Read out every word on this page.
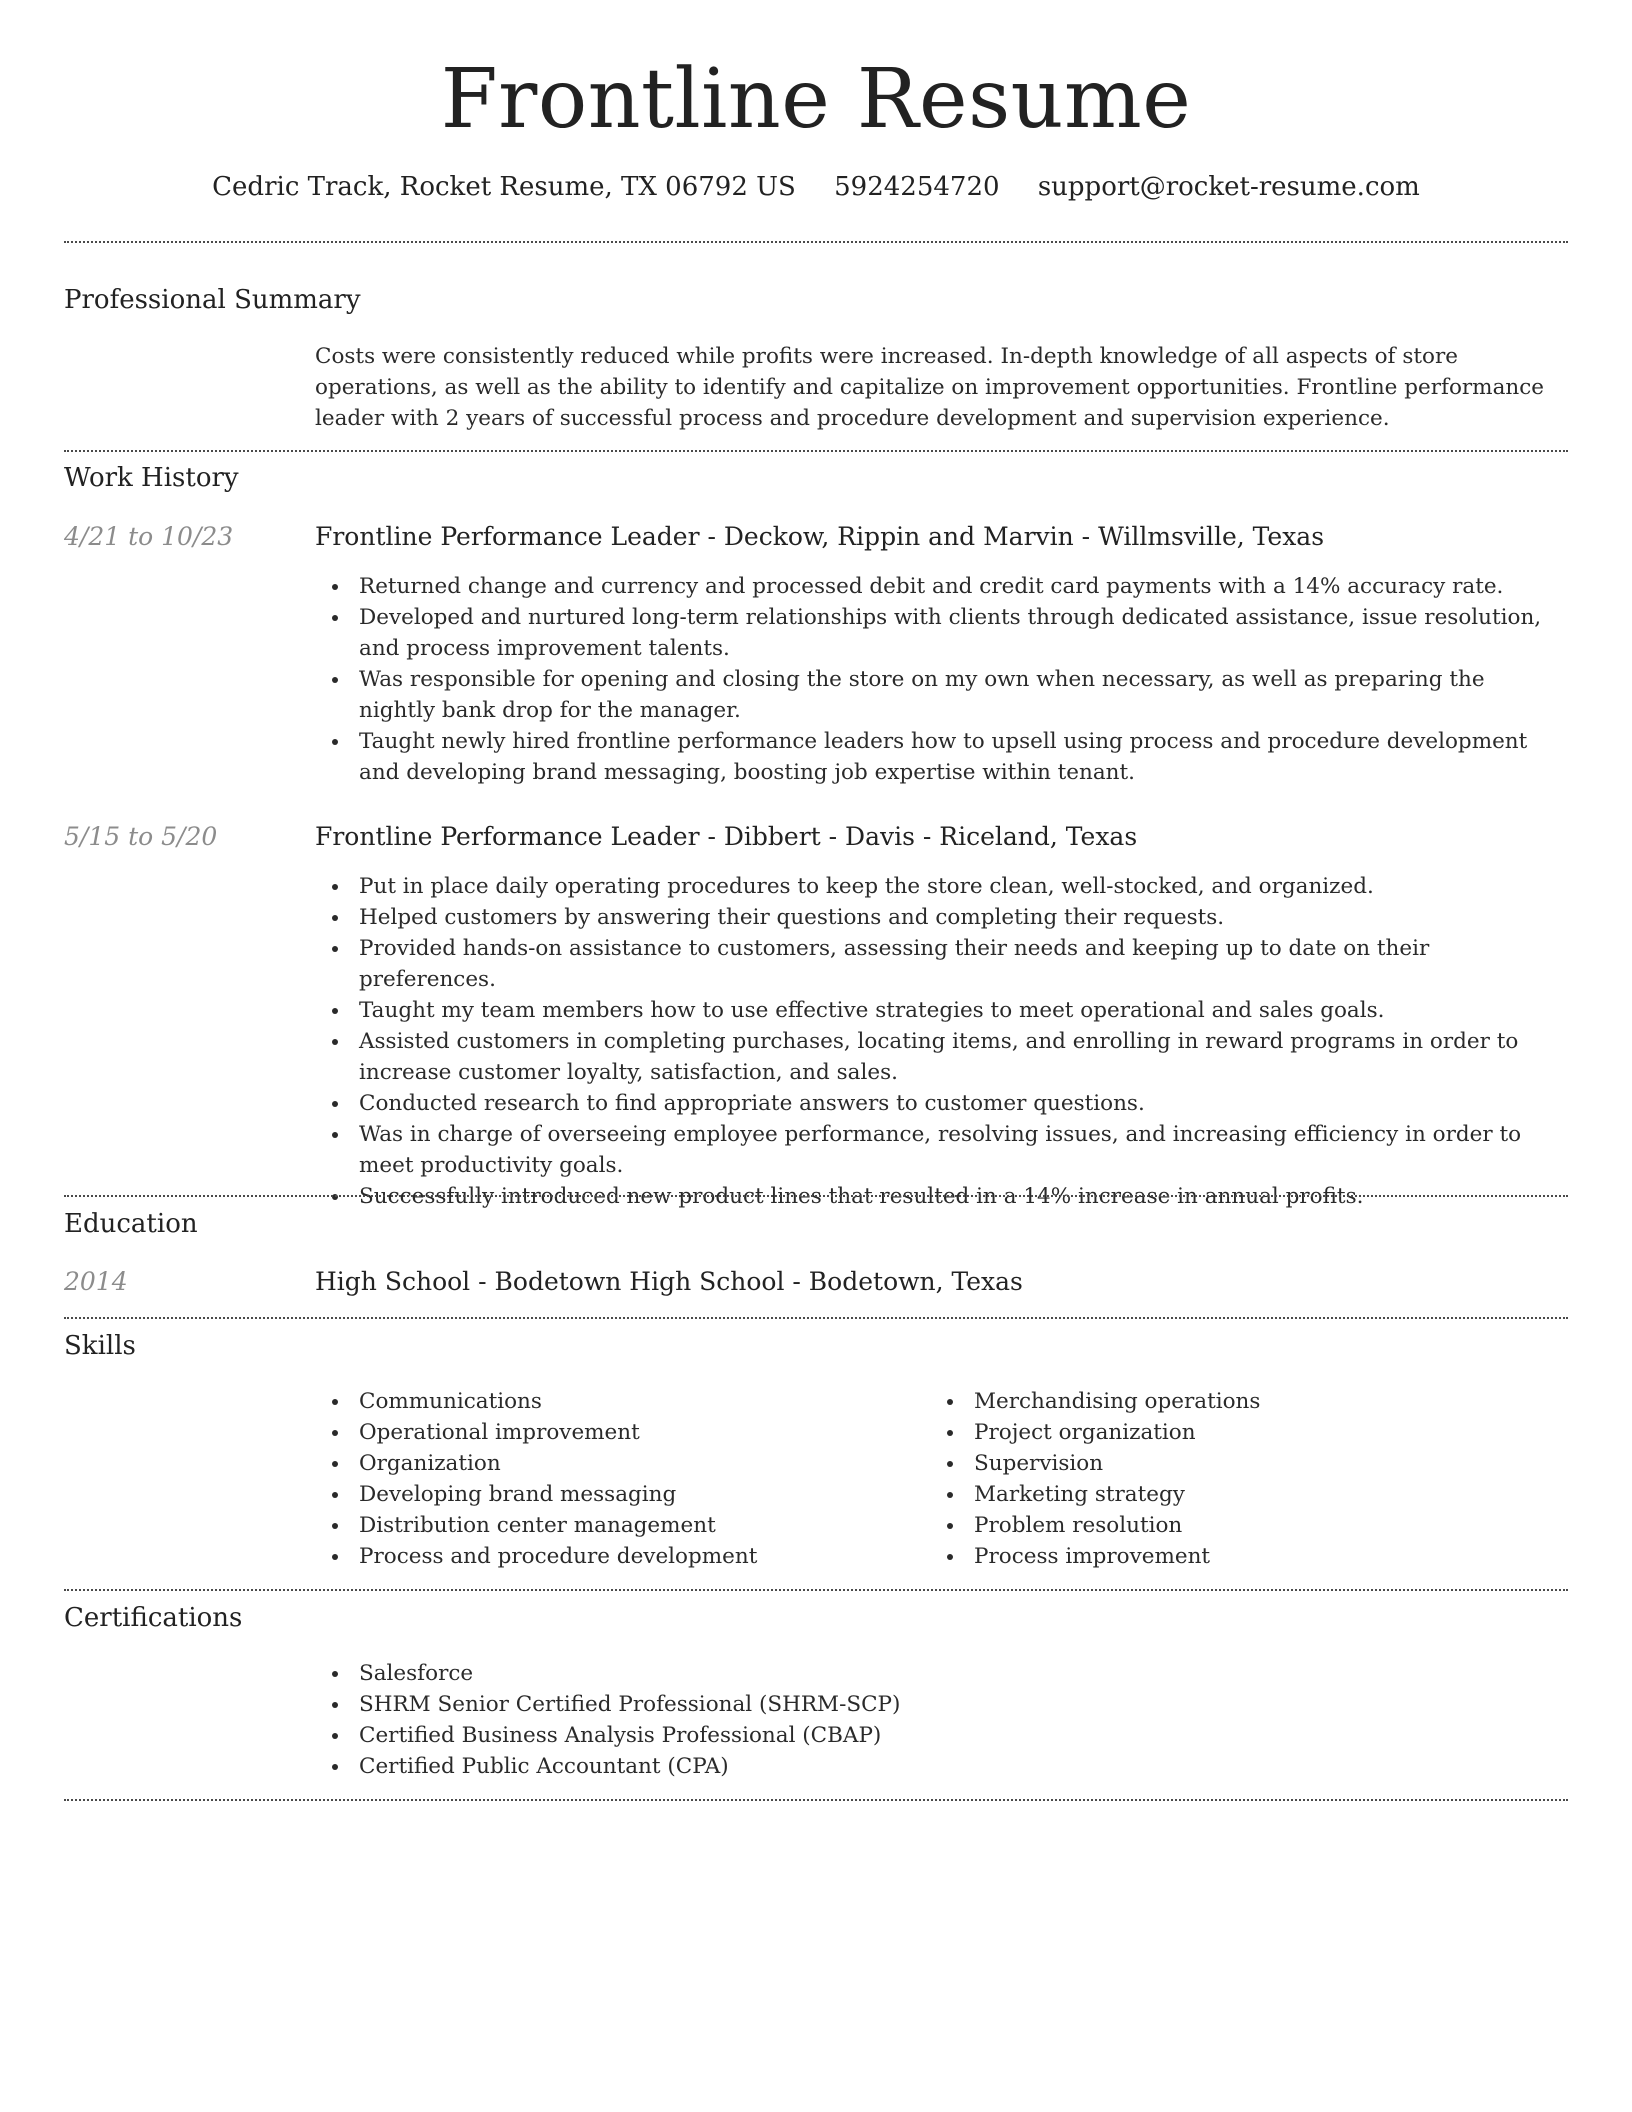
Frontline Resume
Cedric Track, Rocket Resume, TX 06792 US 5924254720 support@rocket-resume.com
Professional Summary
Costs were consistently reduced while profits were increased. In-depth knowledge of all aspects of store operations, as well as the ability to identify and capitalize on improvement opportunities. Frontline performance leader with 2 years of successful process and procedure development and supervision experience.
Work History
4/21 to 10/23	Frontline Performance Leader - Deckow, Rippin and Marvin - Willmsville, Texas
Returned change and currency and processed debit and credit card payments with a 14% accuracy rate.
Developed and nurtured long-term relationships with clients through dedicated assistance, issue resolution, and process improvement talents.
Was responsible for opening and closing the store on my own when necessary, as well as preparing the nightly bank drop for the manager.
Taught newly hired frontline performance leaders how to upsell using process and procedure development and developing brand messaging, boosting job expertise within tenant.
5/15 to 5/20	Frontline Performance Leader - Dibbert - Davis - Riceland, Texas
Put in place daily operating procedures to keep the store clean, well-stocked, and organized.
Helped customers by answering their questions and completing their requests.
Provided hands-on assistance to customers, assessing their needs and keeping up to date on their preferences.
Taught my team members how to use effective strategies to meet operational and sales goals.
Assisted customers in completing purchases, locating items, and enrolling in reward programs in order to increase customer loyalty, satisfaction, and sales.
Conducted research to find appropriate answers to customer questions.
Was in charge of overseeing employee performance, resolving issues, and increasing efficiency in order to meet productivity goals.
Successfully introduced new product lines that resulted in a 14% increase in annual profits.
Education
2014	High School - Bodetown High School - Bodetown, Texas
Skills
Communications
Operational improvement
Organization
Developing brand messaging
Distribution center management
Process and procedure development
Merchandising operations
Project organization
Supervision
Marketing strategy
Problem resolution
Process improvement
Certifications
Salesforce
SHRM Senior Certified Professional (SHRM-SCP)
Certified Business Analysis Professional (CBAP)
Certified Public Accountant (CPA)
